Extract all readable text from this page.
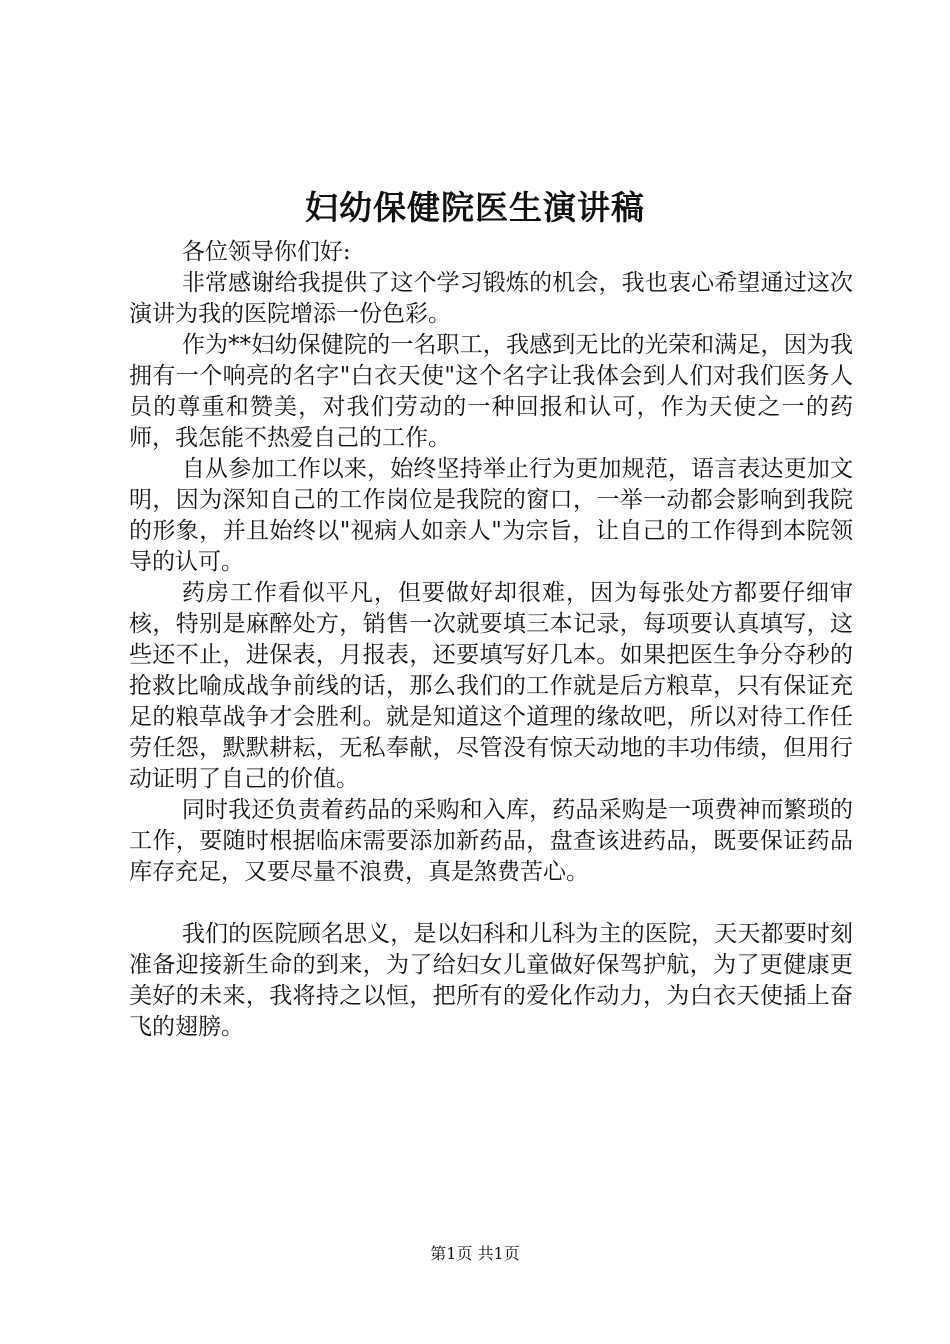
妇幼保健院医生演讲稿

各位领导你们好:

非常感谢给我提供了这个学习锻炼的机会，我也衷心希望通过这次演讲为我的医院增添一份色彩。

作为**妇幼保健院的一名职工，我感到无比的光荣和满足，因为我拥有一个响亮的名字"白衣天使"这个名字让我体会到人们对我们医务人员的尊重和赞美，对我们劳动的一种回报和认可，作为天使之一的药师，我怎能不热爱自己的工作。

自从参加工作以来，始终坚持举止行为更加规范，语言表达更加文明，因为深知自己的工作岗位是我院的窗口，一举一动都会影响到我院的形象，并且始终以"视病人如亲人"为宗旨，让自己的工作得到本院领导的认可。

药房工作看似平凡，但要做好却很难，因为每张处方都要仔细审核，特别是麻醉处方，销售一次就要填三本记录，每项要认真填写，这些还不止，进保表，月报表，还要填写好几本。如果把医生争分夺秒的抢救比喻成战争前线的话，那么我们的工作就是后方粮草，只有保证充足的粮草战争才会胜利。就是知道这个道理的缘故吧，所以对待工作任劳任怨，默默耕耘，无私奉献，尽管没有惊天动地的丰功伟绩，但用行动证明了自己的价值。

同时我还负责着药品的采购和入库，药品采购是一项费神而繁琐的工作，要随时根据临床需要添加新药品，盘查该进药品，既要保证药品库存充足，又要尽量不浪费，真是煞费苦心。

我们的医院顾名思义，是以妇科和儿科为主的医院，天天都要时刻准备迎接新生命的到来，为了给妇女儿童做好保驾护航，为了更健康更美好的未来，我将持之以恒，把所有的爱化作动力，为白衣天使插上奋飞的翅膀。

第1页 共1页
